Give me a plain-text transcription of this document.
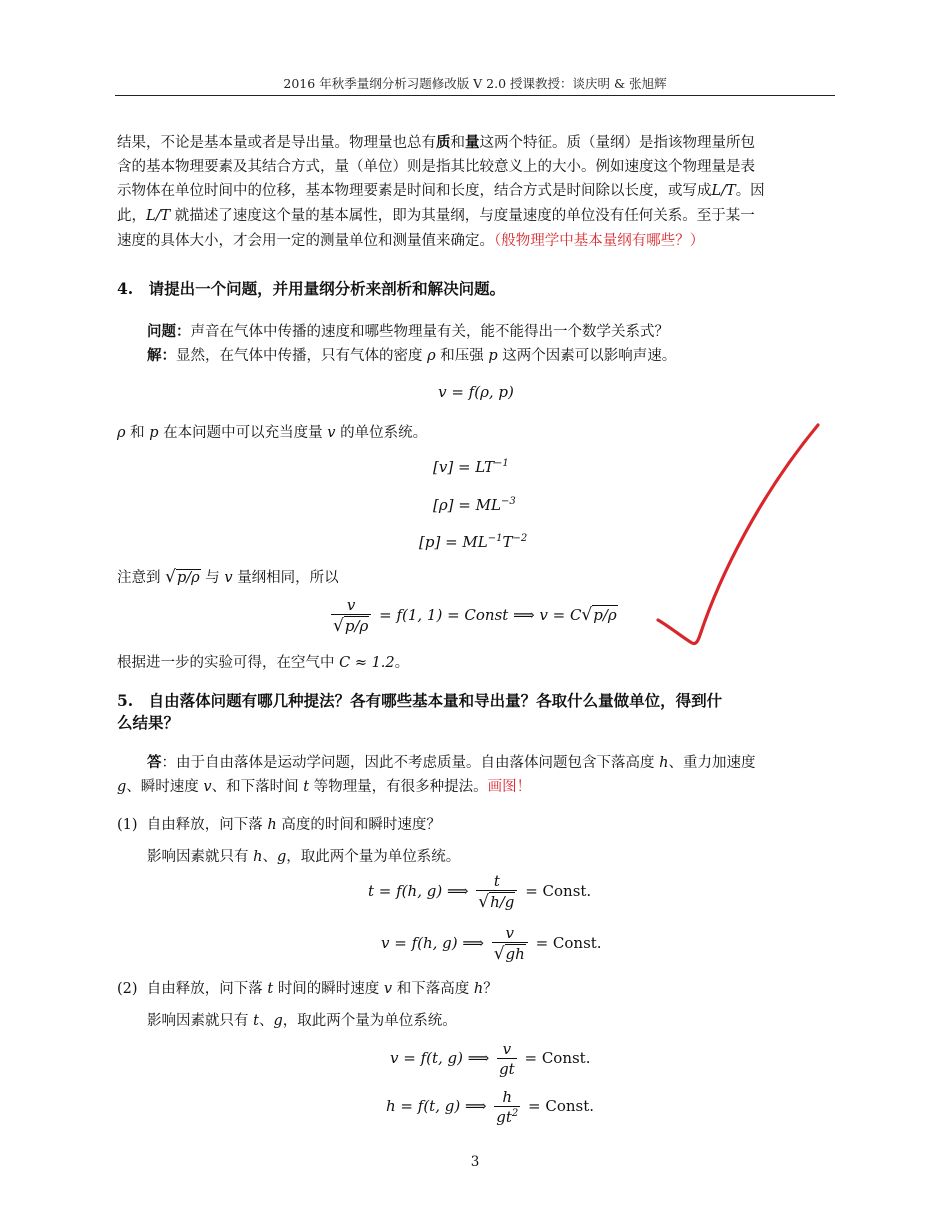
2016 年秋季量纲分析习题修改版 V 2.0 授课教授：谈庆明 & 张旭辉
结果，不论是基本量或者是导出量。物理量也总有质和量这两个特征。质（量纲）是指该物理量所包
含的基本物理要素及其结合方式，量（单位）则是指其比较意义上的大小。例如速度这个物理量是表
示物体在单位时间中的位移，基本物理要素是时间和长度，结合方式是时间除以长度，或写成L/T。因
此，L/T 就描述了速度这个量的基本属性，即为其量纲，与度量速度的单位没有任何关系。至于某一
速度的具体大小，才会用一定的测量单位和测量值来确定。（般物理学中基本量纲有哪些？）
4.　请提出一个问题，并用量纲分析来剖析和解决问题。
问题：声音在气体中传播的速度和哪些物理量有关，能不能得出一个数学关系式？
解：显然，在气体中传播，只有气体的密度 ρ 和压强 p 这两个因素可以影响声速。
v = f(ρ, p)
ρ 和 p 在本问题中可以充当度量 v 的单位系统。
$[v] = LT^{-1}$
$[\rho] = ML^{-3}$
$[p] = ML^{-1}T^{-2}$
注意到 √p/ρ 与 v 量纲相同，所以
$\frac{v}{√p/\rho} = f(1$, 1) = Const ⟹ v = C√p/ρ
根据进一步的实验可得，在空气中 C ≈ 1.2。
5.　自由落体问题有哪几种提法？各有哪些基本量和导出量？各取什么量做单位，得到什
么结果？
答：由于自由落体是运动学问题，因此不考虑质量。自由落体问题包含下落高度 h、重力加速度
g、瞬时速度 v、和下落时间 t 等物理量，有很多种提法。画图！
(1) 自由释放，问下落 h 高度的时间和瞬时速度？
影响因素就只有 h、g，取此两个量为单位系统。
t = f(h, g) ⟹ $\frac{t}{√h/g}$ = Const.
v = f(h, g) ⟹ $\frac{v}{√gh}$ = Const.
(2) 自由释放，问下落 t 时间的瞬时速度 v 和下落高度 h？
影响因素就只有 t、g，取此两个量为单位系统。
v = f(t, g) ⟹ $\frac{v}{gt}$ = Const.
h = f(t, g) ⟹ $\frac{h}{gt^2}$ = Const.
3
